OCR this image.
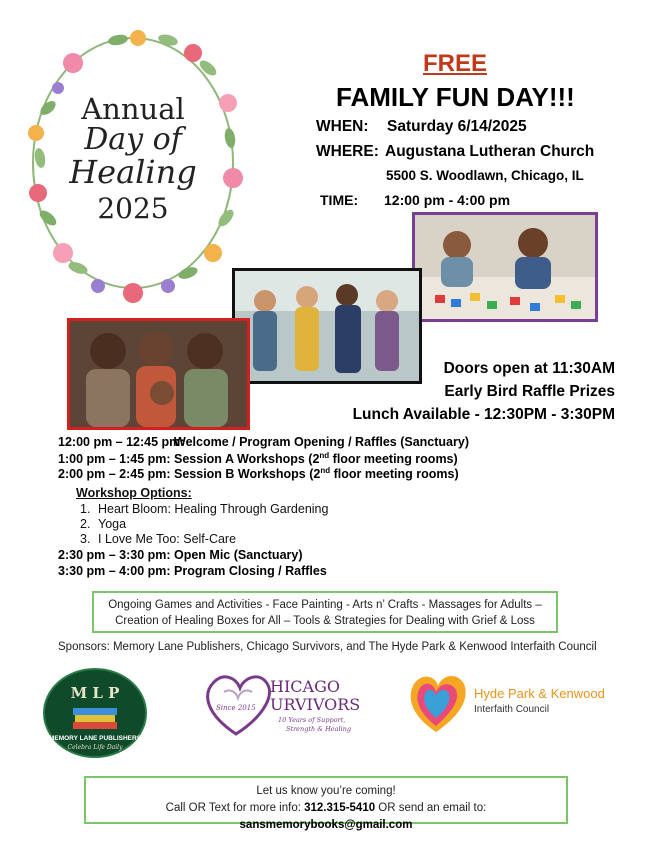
Annual
Day of
Healing
2025
FREE
FAMILY FUN DAY!!!
WHEN: Saturday 6/14/2025
WHERE: Augustana Lutheran Church
5500 S. Woodlawn, Chicago, IL
TIME: 12:00 pm - 4:00 pm
Doors open at 11:30AM
Early Bird Raffle Prizes
Lunch Available - 12:30PM - 3:30PM
12:00 pm – 12:45 pm:Welcome / Program Opening / Raffles (Sanctuary)
1:00 pm – 1:45 pm: Session A Workshops (2nd floor meeting rooms)
2:00 pm – 2:45 pm: Session B Workshops (2nd floor meeting rooms)
Workshop Options:
1. Heart Bloom: Healing Through Gardening
2. Yoga
3. I Love Me Too: Self-Care
2:30 pm – 3:30 pm: Open Mic (Sanctuary)
3:30 pm – 4:00 pm: Program Closing / Raffles
Ongoing Games and Activities - Face Painting - Arts n’ Crafts - Massages for Adults –
Creation of Healing Boxes for All – Tools & Strategies for Dealing with Grief & Loss
Sponsors: Memory Lane Publishers, Chicago Survivors, and The Hyde Park & Kenwood Interfaith Council
M L P
MEMORY LANE PUBLISHERS
Celebra Life Daily
HICAGO
URVIVORS
Since 2015
10 Years of Support,
Strength & Healing
Hyde Park & Kenwood
Interfaith Council
Let us know you’re coming!
Call OR Text for more info: 312.315-5410 OR send an email to: sansmemorybooks@gmail.com
